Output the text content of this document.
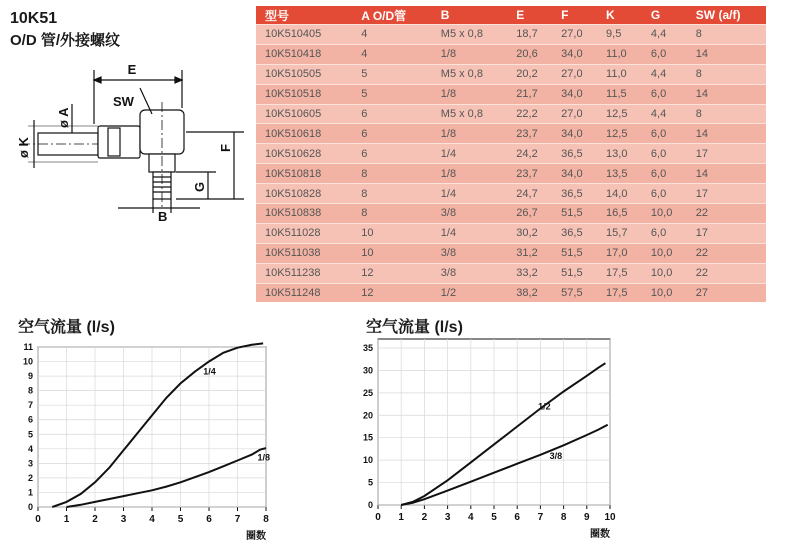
10K51
O/D 管/外接螺纹
E
SW
ø A
ø K	F
G
B
型号	A O/D管	B	E	F	K	G	SW (a/f)
10K510405	4	M5 x 0,8	18,7	27,0	9,5	4,4	8
10K510418	4	1/8	20,6	34,0	11,0	6,0	14
10K510505	5	M5 x 0,8	20,2	27,0	11,0	4,4	8
10K510518	5	1/8	21,7	34,0	11,5	6,0	14
10K510605	6	M5 x 0,8	22,2	27,0	12,5	4,4	8
10K510618	6	1/8	23,7	34,0	12,5	6,0	14
10K510628	6	1/4	24,2	36,5	13,0	6,0	17
10K510818	8	1/8	23,7	34,0	13,5	6,0	14
10K510828	8	1/4	24,7	36,5	14,0	6,0	17
10K510838	8	3/8	26,7	51,5	16,5	10,0	22
10K511028	10	1/4	30,2	36,5	15,7	6,0	17
10K511038	10	3/8	31,2	51,5	17,0	10,0	22
10K511238	12	3/8	33,2	51,5	17,5	10,0	22
10K511248	12	1/2	38,2	57,5	17,5	10,0	27
空气流量 (l/s)
0 1 2 3 4 5 6 7 8
0
1
2
3
4
5
6
7
8
9
10
11
1/4
1/8
圈数
空气流量 (l/s)
0 1 2 3 4 5 6 7 8 9 10
0
5
10
15
20
25
30
35
1/2
3/8
圈数
